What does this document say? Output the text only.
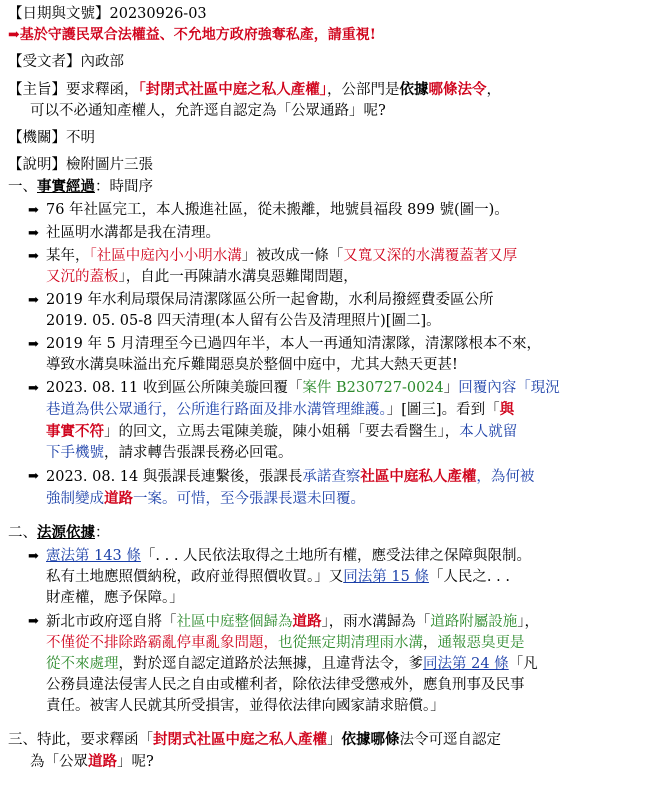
【日期與文號】20230926-03

➡基於守護民眾合法權益、不允地方政府強奪私產，請重視!

【受文者】內政部

【主旨】要求釋函，「封閉式社區中庭之私人產權」，公部門是依據哪條法令，

可以不必通知產權人，允許逕自認定為「公眾通路」呢?

【機關】不明

【說明】檢附圖片三張

一、事實經過：時間序

➡ 76 年社區完工，本人搬進社區，從未搬離，地號員福段 899 號(圖一)。

➡ 社區明水溝都是我在清理。

➡ 某年，「社區中庭內小小明水溝」被改成一條「又寬又深的水溝覆蓋著又厚

又沉的蓋板」，自此一再陳請水溝臭惡難聞問題，

➡ 2019 年水利局環保局清潔隊區公所一起會勘，水利局撥經費委區公所

2019. 05. 05-8 四天清理(本人留有公告及清理照片)[圖二]。

➡ 2019 年 5 月清理至今已過四年半，本人一再通知清潔隊，清潔隊根本不來，

導致水溝臭味溢出充斥難聞惡臭於整個中庭中，尤其大熱天更甚!

➡ 2023. 08. 11 收到區公所陳美璇回覆「案件 B230727-0024」回覆內容「現況

巷道為供公眾通行，公所進行路面及排水溝管理維護。」[圖三]。看到「與

事實不符」的回文，立馬去電陳美璇，陳小姐稱「要去看醫生」，本人就留

下手機號，請求轉告張課長務必回電。

➡ 2023. 08. 14 與張課長連繫後，張課長承諾查察社區中庭私人產權，為何被

強制變成道路一案。可惜，至今張課長還未回覆。

二、法源依據：

➡ 憲法第 143 條「. . . 人民依法取得之土地所有權，應受法律之保障與限制。

私有土地應照價納稅，政府並得照價收買。」又同法第 15 條「人民之. . .

財產權，應予保障。」

➡ 新北市政府逕自將「社區中庭整個歸為道路」，雨水溝歸為「道路附屬設施」，

不僅從不排除路霸亂停車亂象問題，也從無定期清理雨水溝，通報惡臭更是

從不來處理，對於逕自認定道路於法無據，且違背法令，爹同法第 24 條「凡

公務員違法侵害人民之自由或權利者，除依法律受懲戒外，應負刑事及民事

責任。被害人民就其所受損害，並得依法律向國家請求賠償。」

三、特此，要求釋函「封閉式社區中庭之私人產權」依據哪條法令可逕自認定

為「公眾道路」呢?
